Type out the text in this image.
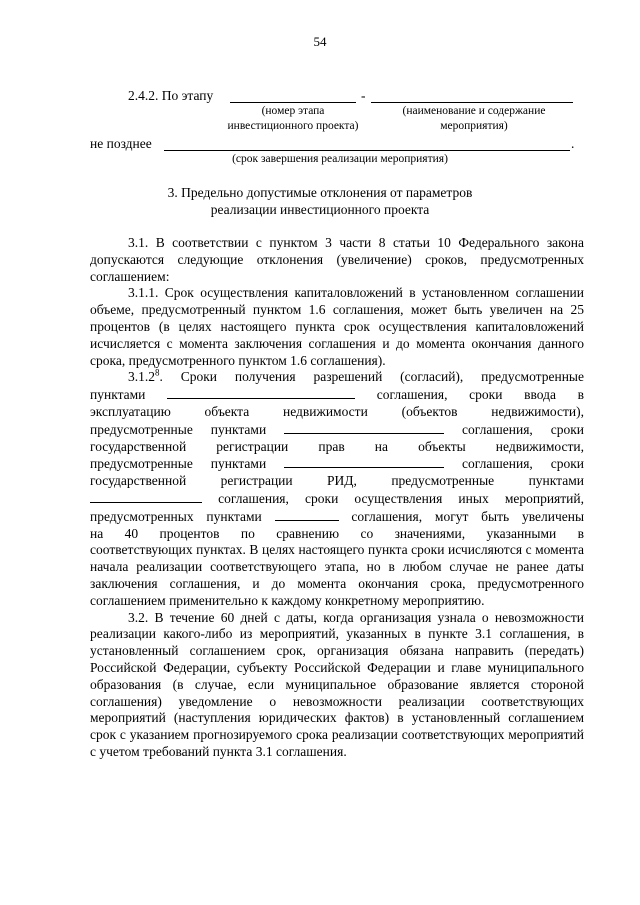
54
2.4.2. По этапу	-
(номер этапа
инвестиционного проекта)
(наименование и содержание
мероприятия)
не позднее	.
(срок завершения реализации мероприятия)
3. Предельно допустимые отклонения от параметров
реализации инвестиционного проекта

3.1. В соответствии с пунктом 3 части 8 статьи 10 Федерального закона допускаются следующие отклонения (увеличение) сроков, предусмотренных соглашением:

3.1.1. Срок осуществления капиталовложений в установленном соглашении объеме, предусмотренный пунктом 1.6 соглашения, может быть увеличен на 25 процентов (в целях настоящего пункта срок осуществления капиталовложений исчисляется с момента заключения соглашения и до момента окончания данного срока, предусмотренного пунктом 1.6 соглашения).

3.1.2$^8$. Сроки получения разрешений (согласий), предусмотренные
пунктами	соглашения, сроки ввода в
эксплуатацию объекта недвижимости (объектов недвижимости),
предусмотренные пунктами	соглашения, сроки
государственной регистрации прав на объекты недвижимости,
предусмотренные пунктами	соглашения, сроки
государственной регистрации РИД, предусмотренные пунктами
соглашения, сроки осуществления иных мероприятий,
предусмотренных пунктами	соглашения, могут быть увеличены
на 40 процентов по сравнению со значениями, указанными в

соответствующих пунктах. В целях настоящего пункта сроки исчисляются с момента начала реализации соответствующего этапа, но в любом случае не ранее даты заключения соглашения, и до момента окончания срока, предусмотренного соглашением применительно к каждому конкретному мероприятию.

3.2. В течение 60 дней с даты, когда организация узнала о невозможности реализации какого-либо из мероприятий, указанных в пункте 3.1 соглашения, в установленный соглашением срок, организация обязана направить (передать) Российской Федерации, субъекту Российской Федерации и главе муниципального образования (в случае, если муниципальное образование является стороной соглашения) уведомление о невозможности реализации соответствующих мероприятий (наступления юридических фактов) в установленный соглашением срок с указанием прогнозируемого срока реализации соответствующих мероприятий с учетом требований пункта 3.1 соглашения.
